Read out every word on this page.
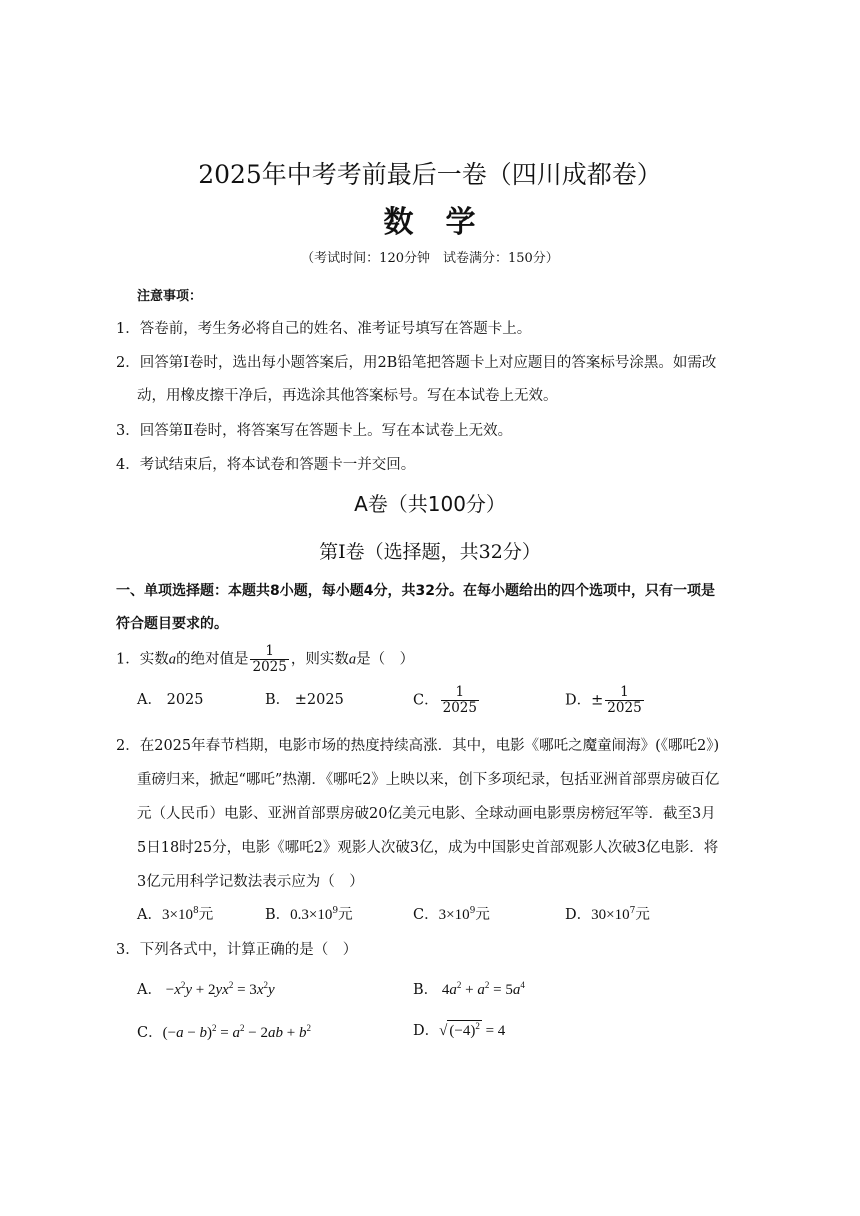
2025年中考考前最后一卷（四川成都卷）
数　学
（考试时间：120分钟　试卷满分：150分）
注意事项：
1．答卷前，考生务必将自己的姓名、准考证号填写在答题卡上。
2．回答第Ⅰ卷时，选出每小题答案后，用2B铅笔把答题卡上对应题目的答案标号涂黑。如需改
动，用橡皮擦干净后，再选涂其他答案标号。写在本试卷上无效。
3．回答第Ⅱ卷时，将答案写在答题卡上。写在本试卷上无效。
4．考试结束后，将本试卷和答题卡一并交回。
A卷（共100分）
第Ⅰ卷（选择题，共32分）
一、单项选择题：本题共8小题，每小题4分，共32分。在每小题给出的四个选项中，只有一项是
符合题目要求的。
1．实数a的绝对值是 $\frac{1}{2025}$ ，则实数a是（　）
A． 2025	B． ±2025	C． $\frac{1}{2025}$	D．± $\frac{1}{2025}$
2．在2025年春节档期，电影市场的热度持续高涨．其中，电影《哪吒之魔童闹海》(《哪吒2》)
重磅归来，掀起“哪吒”热潮．《哪吒2》上映以来，创下多项纪录，包括亚洲首部票房破百亿
元（人民币）电影、亚洲首部票房破20亿美元电影、全球动画电影票房榜冠军等．截至3月
5日18时25分，电影《哪吒2》观影人次破3亿，成为中国影史首部观影人次破3亿电影．将
3亿元用科学记数法表示应为（　）
A．$3\times 10^8$元	B．$0.3\times 10^9$元	C．$3\times 10^9$元	D．$30\times 10^7$元
3．下列各式中，计算正确的是（　）
A． $-x^2y + 2yx^2 = 3x^2y$	B． $4a^2 + a^2 = 5a^4$
C．$(-a - b)^2 = a^2 - 2ab + b^2$	D．√ $(-4)^2 = 4$
